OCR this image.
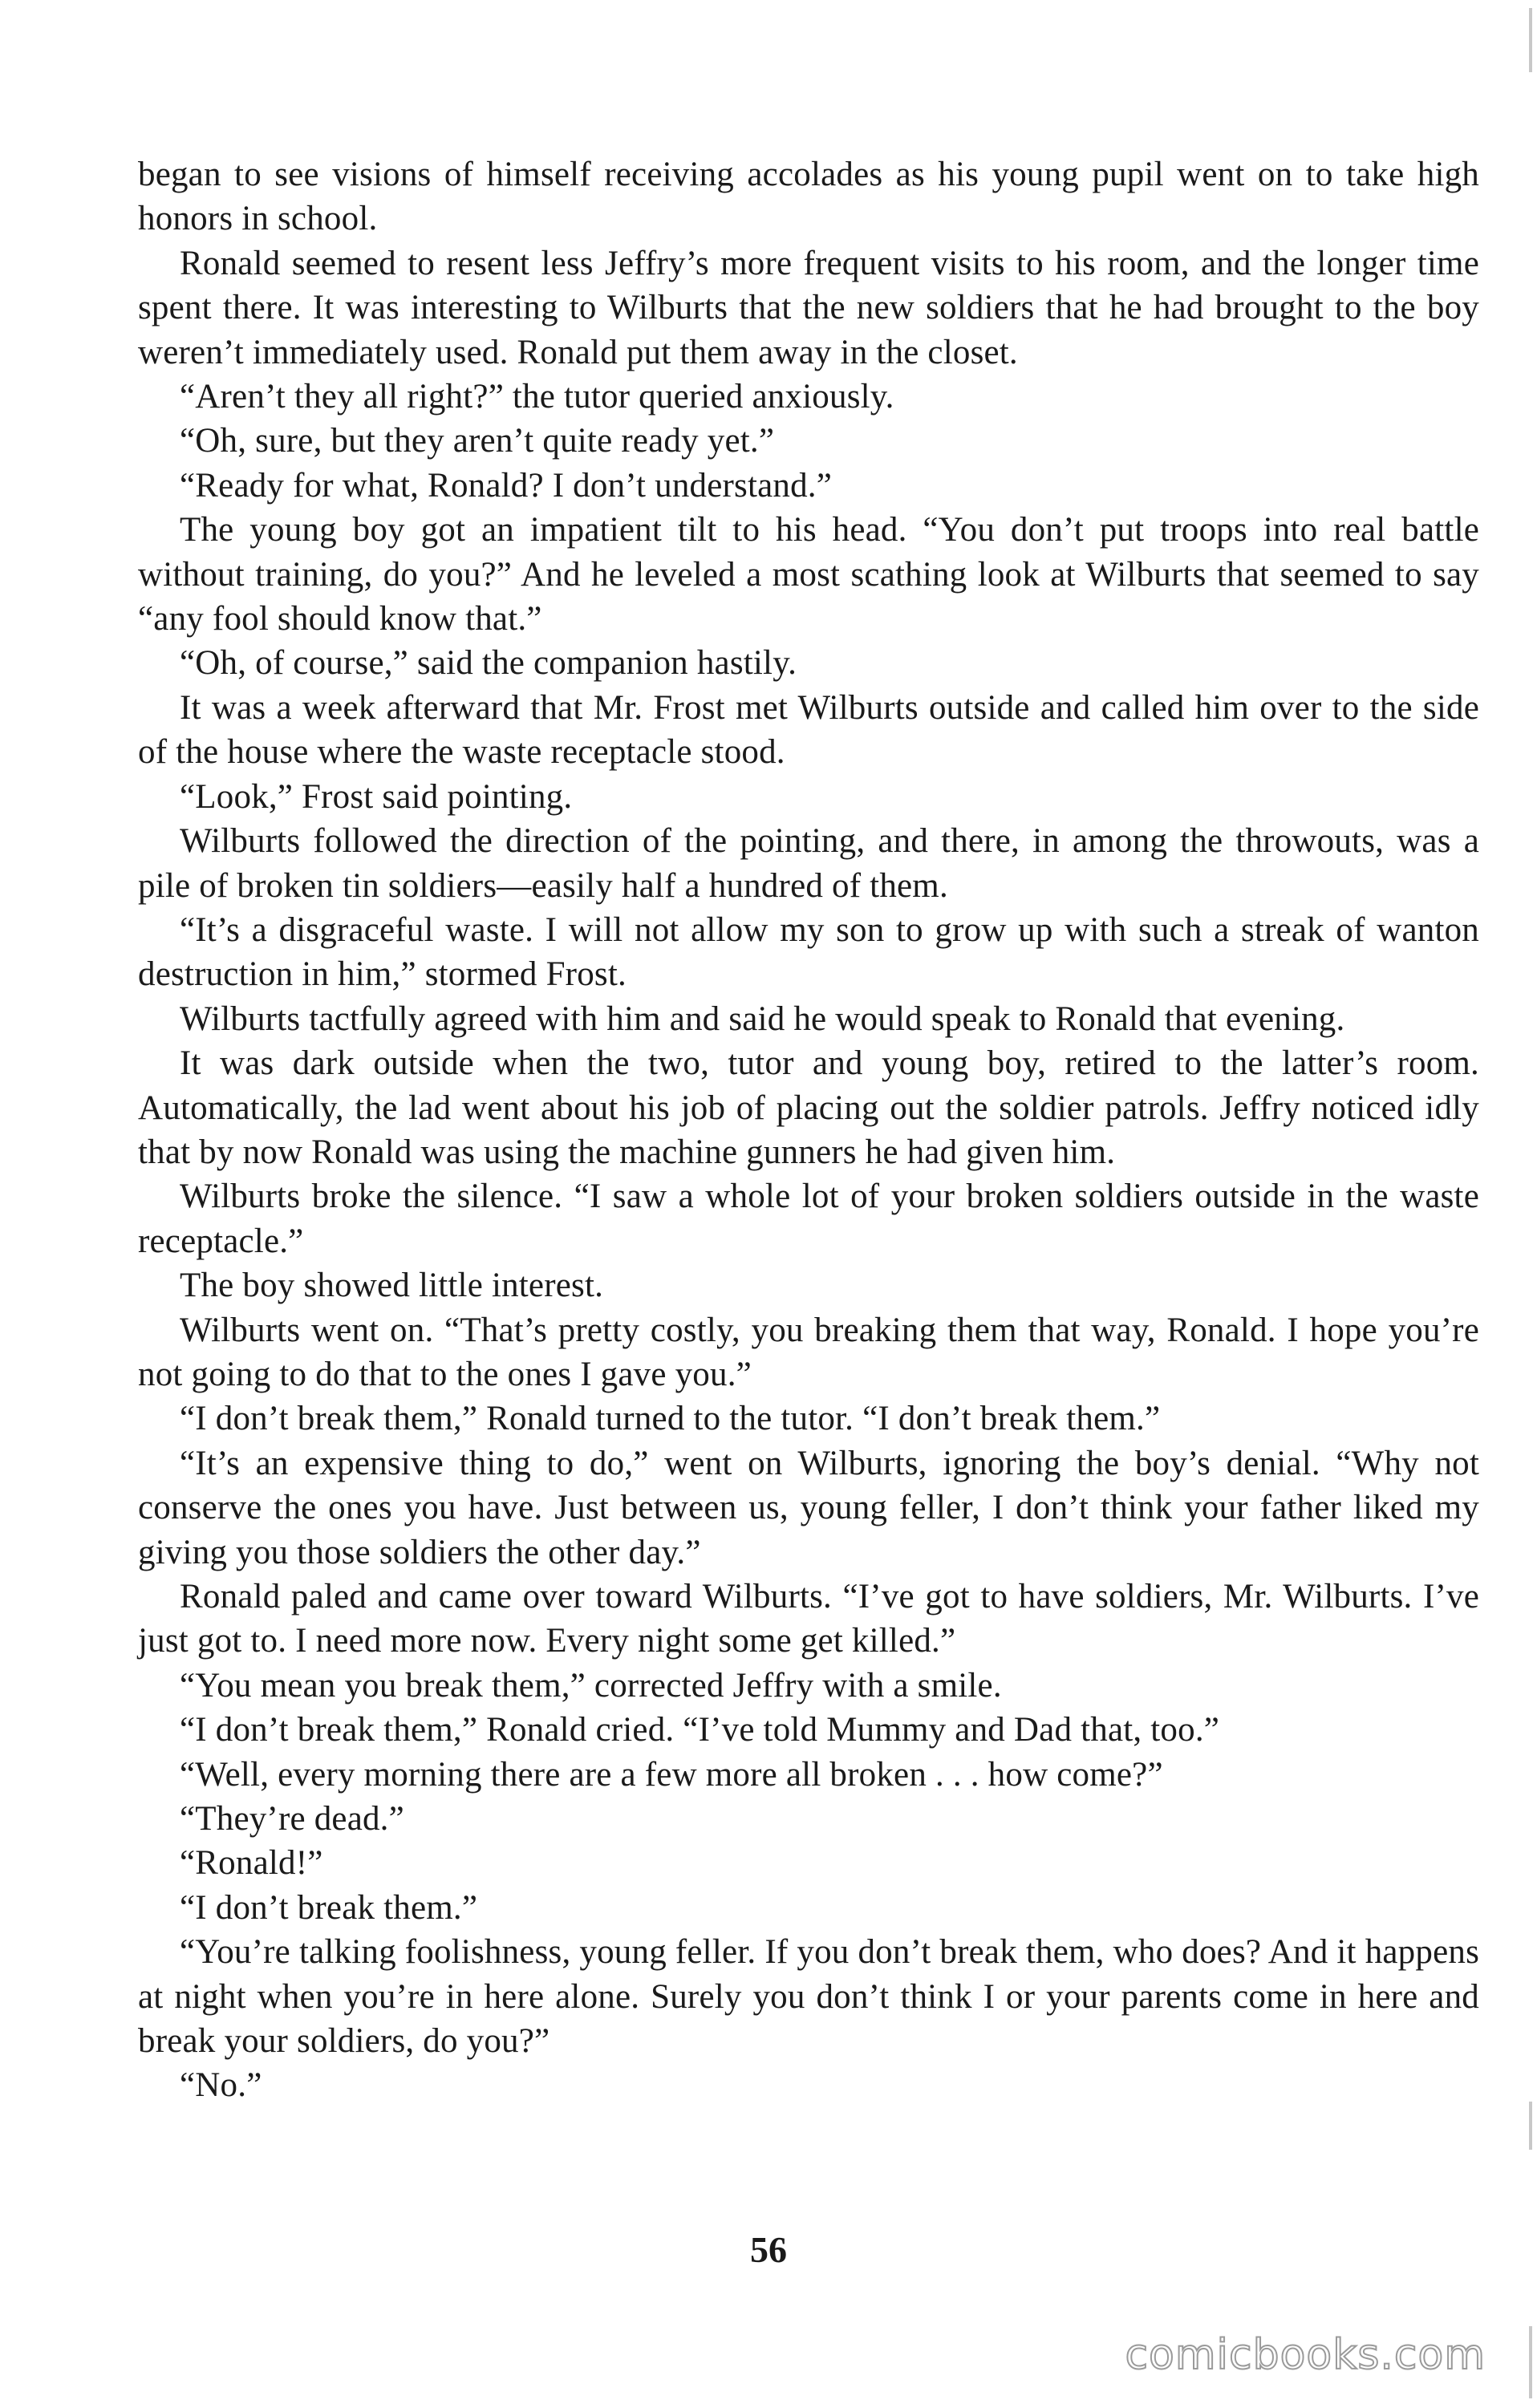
began to see visions of himself receiving accolades as his young pupil went on to take high honors in school.

Ronald seemed to resent less Jeffry’s more frequent visits to his room, and the longer time spent there. It was interesting to Wilburts that the new soldiers that he had brought to the boy weren’t immediately used. Ronald put them away in the closet.

“Aren’t they all right?” the tutor queried anxiously.

“Oh, sure, but they aren’t quite ready yet.”

“Ready for what, Ronald? I don’t understand.”

The young boy got an impatient tilt to his head. “You don’t put troops into real battle without training, do you?” And he leveled a most scathing look at Wilburts that seemed to say “any fool should know that.”

“Oh, of course,” said the companion hastily.

It was a week afterward that Mr. Frost met Wilburts outside and called him over to the side of the house where the waste receptacle stood.

“Look,” Frost said pointing.

Wilburts followed the direction of the pointing, and there, in among the throwouts, was a pile of broken tin soldiers—easily half a hundred of them.

“It’s a disgraceful waste. I will not allow my son to grow up with such a streak of wanton destruction in him,” stormed Frost.

Wilburts tactfully agreed with him and said he would speak to Ronald that evening.

It was dark outside when the two, tutor and young boy, retired to the latter’s room. Automatically, the lad went about his job of placing out the soldier patrols. Jeffry noticed idly that by now Ronald was using the machine gunners he had given him.

Wilburts broke the silence. “I saw a whole lot of your broken soldiers outside in the waste receptacle.”

The boy showed little interest.

Wilburts went on. “That’s pretty costly, you breaking them that way, Ronald. I hope you’re not going to do that to the ones I gave you.”

“I don’t break them,” Ronald turned to the tutor. “I don’t break them.”

“It’s an expensive thing to do,” went on Wilburts, ignoring the boy’s denial. “Why not conserve the ones you have. Just between us, young feller, I don’t think your father liked my giving you those soldiers the other day.”

Ronald paled and came over toward Wilburts. “I’ve got to have soldiers, Mr. Wilburts. I’ve just got to. I need more now. Every night some get killed.”

“You mean you break them,” corrected Jeffry with a smile.

“I don’t break them,” Ronald cried. “I’ve told Mummy and Dad that, too.”

“Well, every morning there are a few more all broken . . . how come?”

“They’re dead.”

“Ronald!”

“I don’t break them.”

“You’re talking foolishness, young feller. If you don’t break them, who does? And it happens at night when you’re in here alone. Surely you don’t think I or your parents come in here and break your soldiers, do you?”

“No.”

56
comicbooks.com
